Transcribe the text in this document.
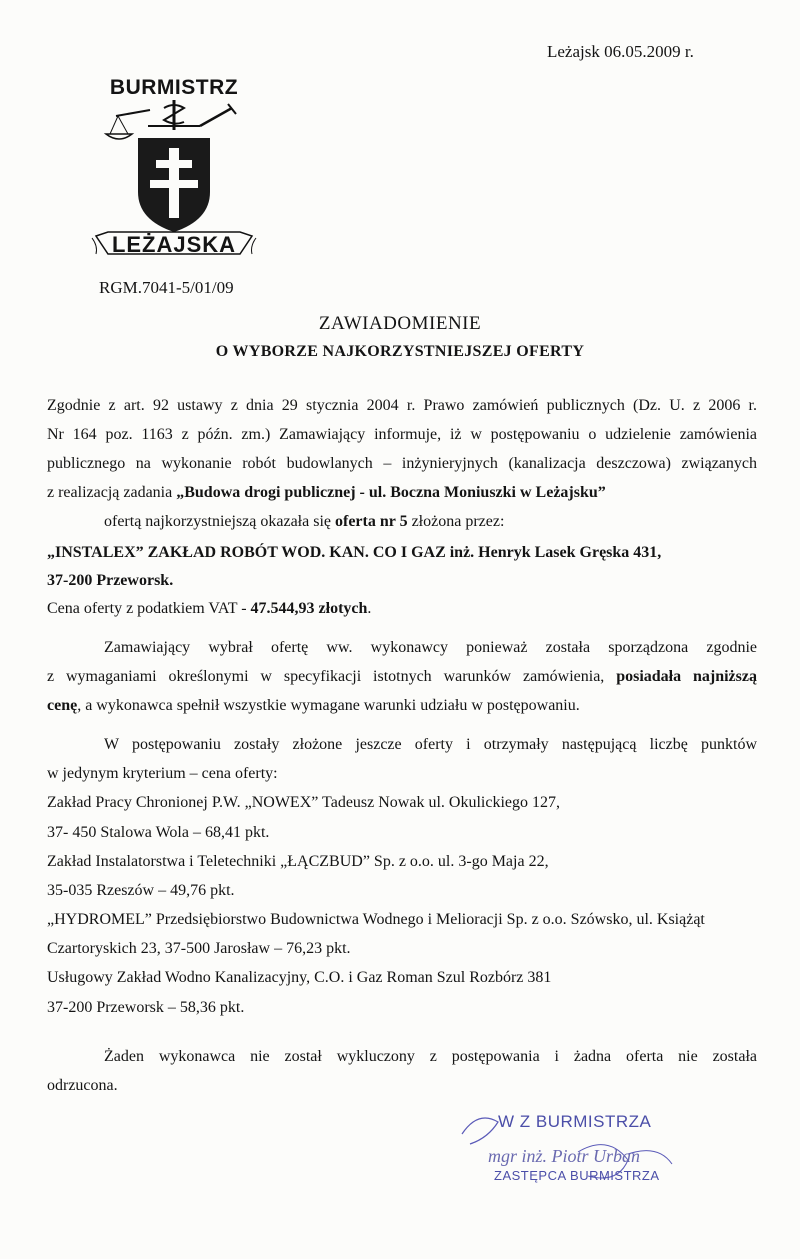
Leżajsk 06.05.2009 r.
BURMISTRZ
LEŻAJSKA
RGM.7041-5/01/09
ZAWIADOMIENIE
O WYBORZE NAJKORZYSTNIEJSZEJ OFERTY
Zgodnie z art. 92 ustawy z dnia 29 stycznia 2004 r. Prawo zamówień publicznych (Dz. U. z 2006 r.
Nr 164 poz. 1163 z późn. zm.) Zamawiający informuje, iż w postępowaniu o udzielenie zamówienia
publicznego na wykonanie robót budowlanych – inżynieryjnych (kanalizacja deszczowa) związanych
z realizacją zadania „Budowa drogi publicznej - ul. Boczna Moniuszki w Leżajsku”
ofertą najkorzystniejszą okazała się oferta nr 5 złożona przez:
„INSTALEX” ZAKŁAD ROBÓT WOD. KAN. CO I GAZ inż. Henryk Lasek Gręska 431,
37-200 Przeworsk.
Cena oferty z podatkiem VAT - 47.544,93 złotych.
Zamawiający wybrał ofertę ww. wykonawcy ponieważ została sporządzona zgodnie
z wymaganiami określonymi w specyfikacji istotnych warunków zamówienia, posiadała najniższą
cenę, a wykonawca spełnił wszystkie wymagane warunki udziału w postępowaniu.
W postępowaniu zostały złożone jeszcze oferty i otrzymały następującą liczbę punktów
w jedynym kryterium – cena oferty:
Zakład Pracy Chronionej P.W. „NOWEX” Tadeusz Nowak ul. Okulickiego 127,
37- 450 Stalowa Wola – 68,41 pkt.
Zakład Instalatorstwa i Teletechniki „ŁĄCZBUD” Sp. z o.o. ul. 3-go Maja 22,
35-035 Rzeszów – 49,76 pkt.
„HYDROMEL” Przedsiębiorstwo Budownictwa Wodnego i Melioracji Sp. z o.o. Szówsko, ul. Książąt
Czartoryskich 23, 37-500 Jarosław – 76,23 pkt.
Usługowy Zakład Wodno Kanalizacyjny, C.O. i Gaz Roman Szul Rozbórz 381
37-200 Przeworsk – 58,36 pkt.
Żaden wykonawca nie został wykluczony z postępowania i żadna oferta nie została
odrzucona.
W Z BURMISTRZA
mgr inż. Piotr Urban
ZASTĘPCA BURMISTRZA
